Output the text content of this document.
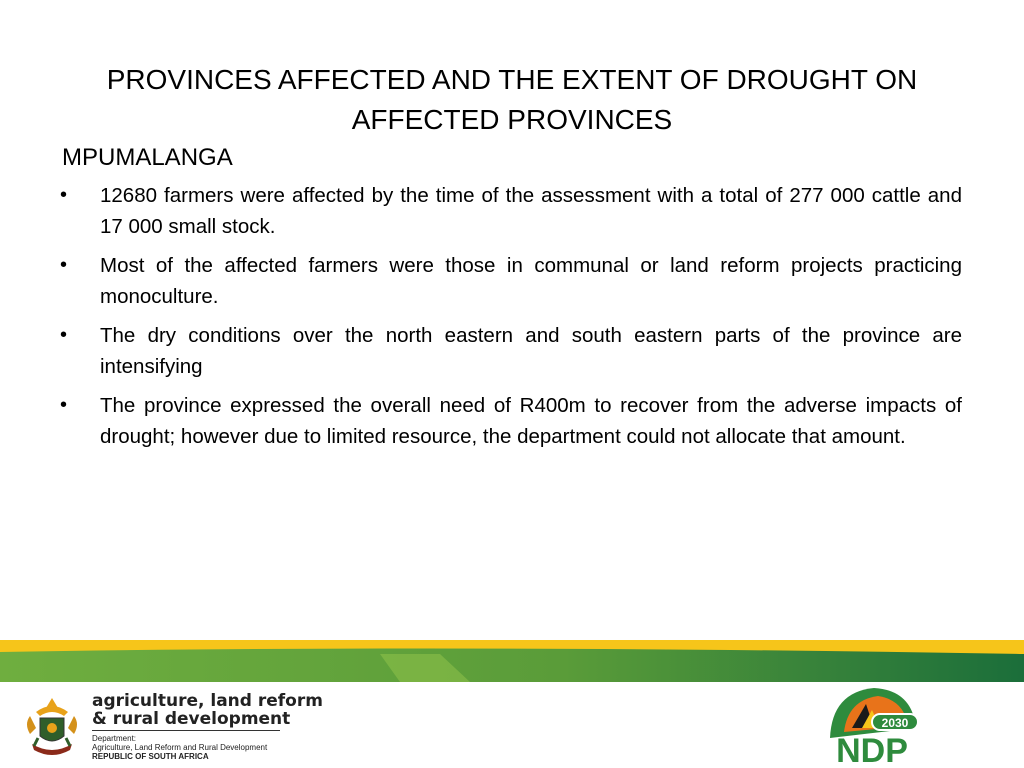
PROVINCES AFFECTED AND THE EXTENT OF DROUGHT ON AFFECTED PROVINCES
MPUMALANGA
• 12680 farmers were affected by the time of the assessment with a total of 277 000 cattle and 17 000 small stock.
• Most of the affected farmers were those in communal or land reform projects practicing monoculture.
• The dry conditions over the north eastern and south eastern parts of the province are intensifying
• The province expressed the overall need of R400m to recover from the adverse impacts of drought; however due to limited resource, the department could not allocate that amount.
agriculture, land reform
& rural development
Department:
Agriculture, Land Reform and Rural Development
REPUBLIC OF SOUTH AFRICA
2030
NDP
